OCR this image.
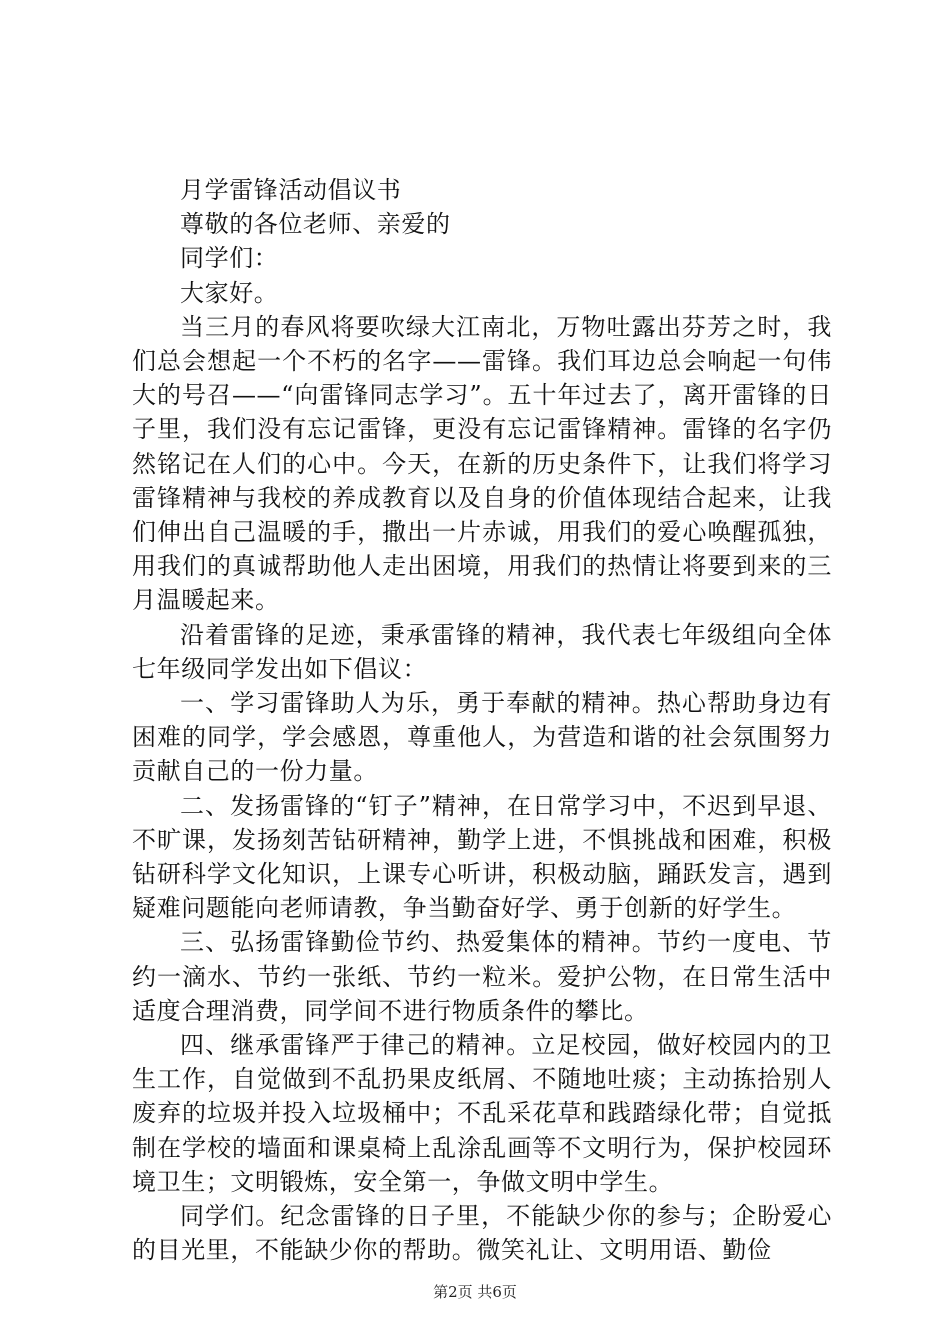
月学雷锋活动倡议书

尊敬的各位老师、亲爱的

同学们：

大家好。

当三月的春风将要吹绿大江南北，万物吐露出芬芳之时，我们总会想起一个不朽的名字——雷锋。我们耳边总会响起一句伟大的号召——“向雷锋同志学习”。五十年过去了，离开雷锋的日子里，我们没有忘记雷锋，更没有忘记雷锋精神。雷锋的名字仍然铭记在人们的心中。今天，在新的历史条件下，让我们将学习雷锋精神与我校的养成教育以及自身的价值体现结合起来，让我们伸出自己温暖的手，撒出一片赤诚，用我们的爱心唤醒孤独，用我们的真诚帮助他人走出困境，用我们的热情让将要到来的三月温暖起来。

沿着雷锋的足迹，秉承雷锋的精神，我代表七年级组向全体七年级同学发出如下倡议：

一、学习雷锋助人为乐，勇于奉献的精神。热心帮助身边有困难的同学，学会感恩，尊重他人，为营造和谐的社会氛围努力贡献自己的一份力量。

二、发扬雷锋的“钉子”精神，在日常学习中，不迟到早退、不旷课，发扬刻苦钻研精神，勤学上进，不惧挑战和困难，积极钻研科学文化知识，上课专心听讲，积极动脑，踊跃发言，遇到疑难问题能向老师请教，争当勤奋好学、勇于创新的好学生。

三、弘扬雷锋勤俭节约、热爱集体的精神。节约一度电、节约一滴水、节约一张纸、节约一粒米。爱护公物，在日常生活中适度合理消费，同学间不进行物质条件的攀比。

四、继承雷锋严于律己的精神。立足校园，做好校园内的卫生工作，自觉做到不乱扔果皮纸屑、不随地吐痰；主动拣拾别人废弃的垃圾并投入垃圾桶中；不乱采花草和践踏绿化带；自觉抵制在学校的墙面和课桌椅上乱涂乱画等不文明行为，保护校园环境卫生；文明锻炼，安全第一，争做文明中学生。

同学们。纪念雷锋的日子里，不能缺少你的参与；企盼爱心的目光里，不能缺少你的帮助。微笑礼让、文明用语、勤俭

第2页 共6页
